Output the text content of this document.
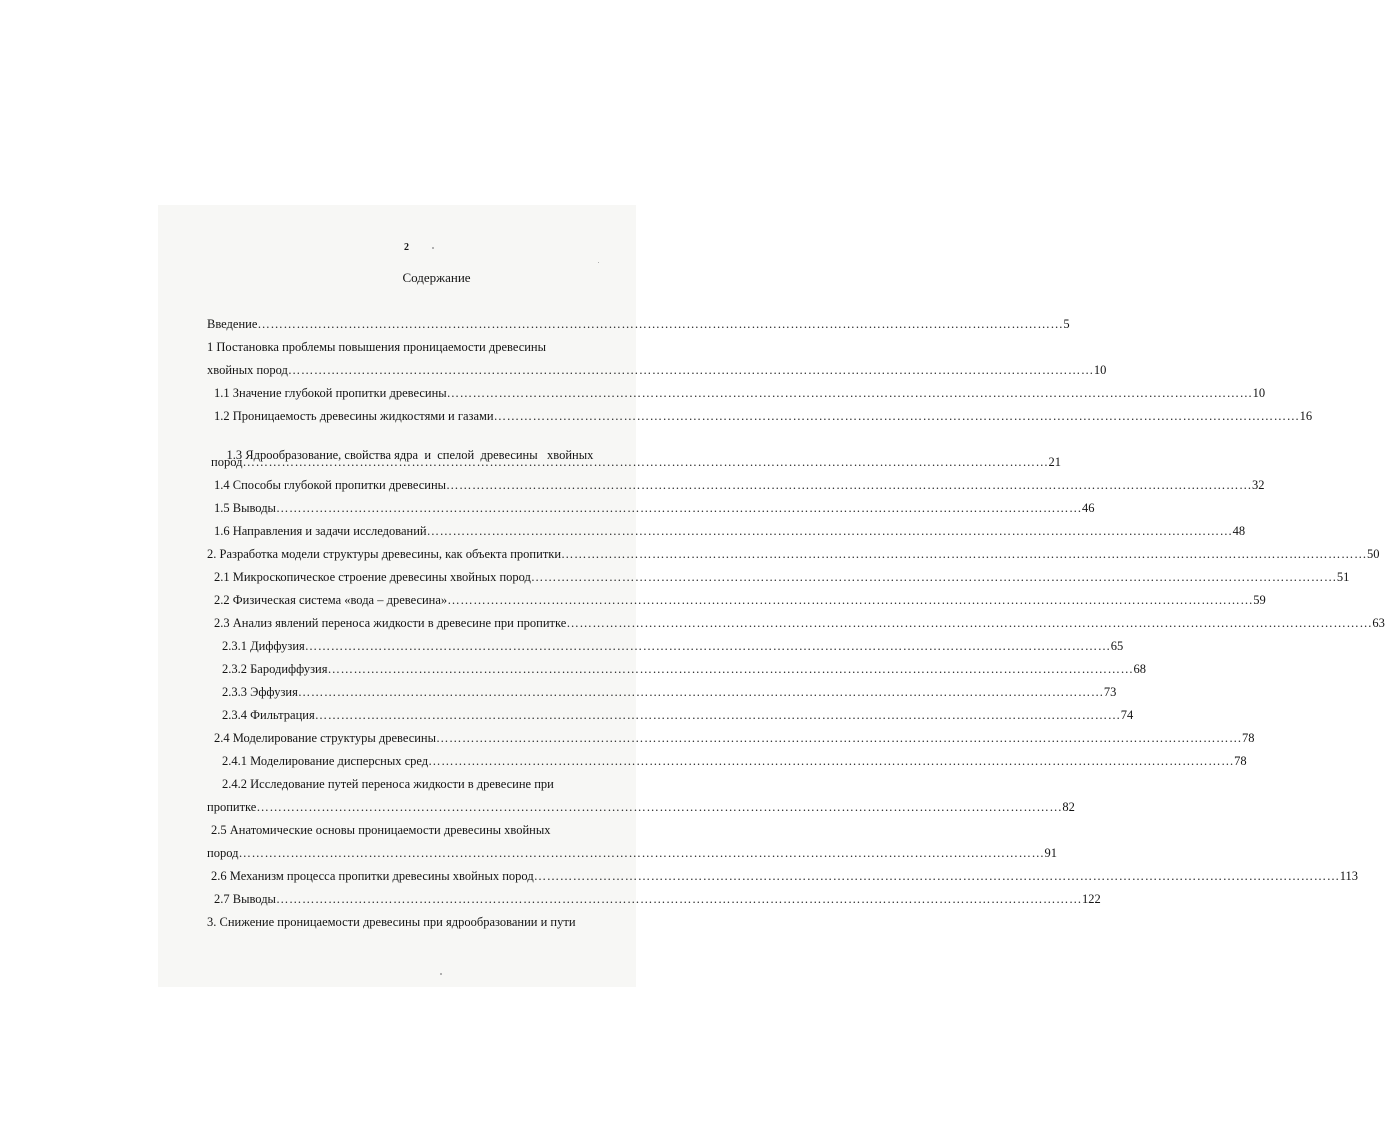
2
Содержание
Введение ……………………………………………………………………………………………………………………………………………………………………	5
1 Постановка проблемы повышения проницаемости древесины
хвойных пород ……………………………………………………………………………………………………………………………………………………………………	10
1.1 Значение глубокой пропитки древесины ……………………………………………………………………………………………………………………………………………………………………	10
1.2 Проницаемость древесины жидкостями и газами ……………………………………………………………………………………………………………………………………………………………………	16

1.3 Ядрообразование, свойства ядра  и  спелой  древесины   хвойных

пород ……………………………………………………………………………………………………………………………………………………………………	21
1.4 Способы глубокой пропитки древесины ……………………………………………………………………………………………………………………………………………………………………	32
1.5 Выводы ……………………………………………………………………………………………………………………………………………………………………	46
1.6 Направления и задачи исследований ……………………………………………………………………………………………………………………………………………………………………	48
2. Разработка модели структуры древесины, как объекта пропитки ……………………………………………………………………………………………………………………………………………………………………	50
2.1 Микроскопическое строение древесины хвойных пород ……………………………………………………………………………………………………………………………………………………………………	51
2.2 Физическая система «вода – древесина» ……………………………………………………………………………………………………………………………………………………………………	59
2.3 Анализ явлений переноса жидкости в древесине при пропитке ……………………………………………………………………………………………………………………………………………………………………	63
2.3.1 Диффузия ……………………………………………………………………………………………………………………………………………………………………	65
2.3.2 Бародиффузия ……………………………………………………………………………………………………………………………………………………………………	68
2.3.3 Эффузия ……………………………………………………………………………………………………………………………………………………………………	73
2.3.4 Фильтрация ……………………………………………………………………………………………………………………………………………………………………	74
2.4 Моделирование структуры древесины ……………………………………………………………………………………………………………………………………………………………………	78
2.4.1 Моделирование дисперсных сред ……………………………………………………………………………………………………………………………………………………………………	78
2.4.2 Исследование путей переноса жидкости в древесине при
пропитке ……………………………………………………………………………………………………………………………………………………………………	82
2.5 Анатомические основы проницаемости древесины хвойных
пород ……………………………………………………………………………………………………………………………………………………………………	91
2.6 Механизм процесса пропитки древесины хвойных пород ……………………………………………………………………………………………………………………………………………………………………	113
2.7 Выводы ……………………………………………………………………………………………………………………………………………………………………	122
3. Снижение проницаемости древесины при ядрообразовании и пути
